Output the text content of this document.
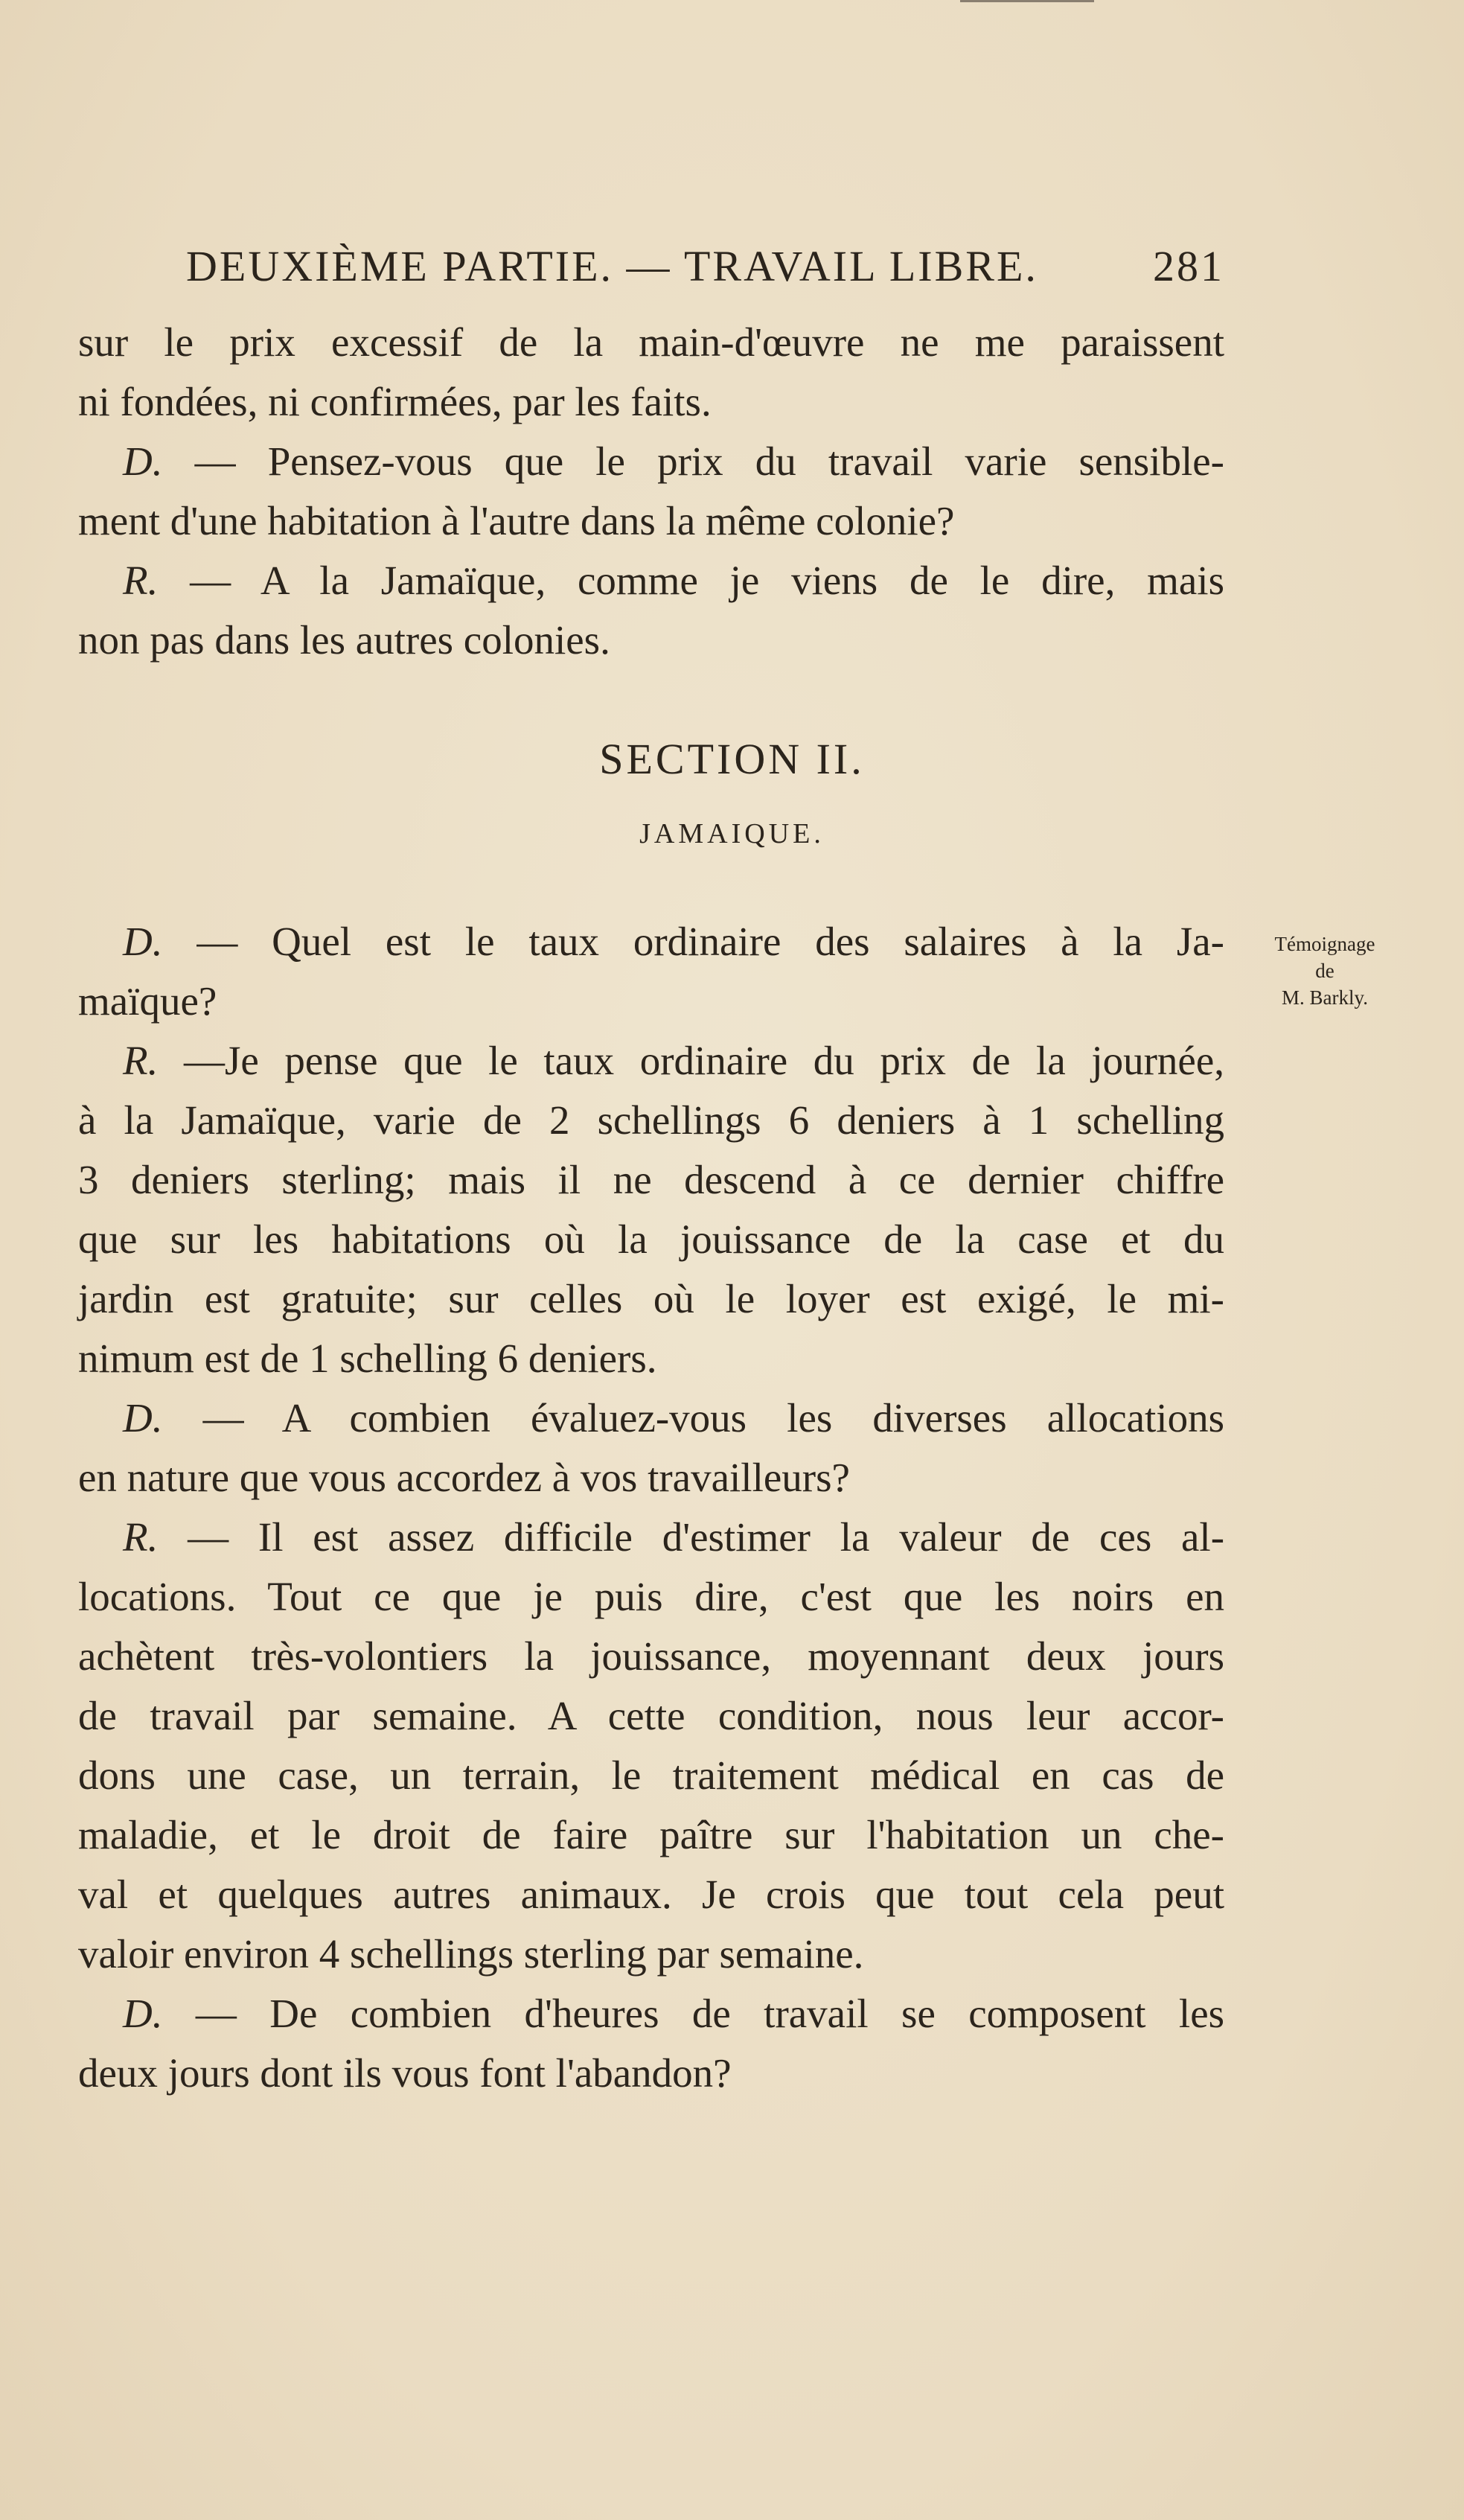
DEUXIÈME PARTIE. — TRAVAIL LIBRE.	281
sur le prix excessif de la main-d'œuvre ne me paraissent
ni fondées, ni confirmées, par les faits.
D. — Pensez-vous que le prix du travail varie sensible-
ment d'une habitation à l'autre dans la même colonie?
R. — A la Jamaïque, comme je viens de le dire, mais
non pas dans les autres colonies.
SECTION II.
JAMAIQUE.
Témoignage
de
M. Barkly.
D. — Quel est le taux ordinaire des salaires à la Ja-
maïque?
R. —Je pense que le taux ordinaire du prix de la journée,
à la Jamaïque, varie de 2 schellings 6 deniers à 1 schelling
3 deniers sterling; mais il ne descend à ce dernier chiffre
que sur les habitations où la jouissance de la case et du
jardin est gratuite; sur celles où le loyer est exigé, le mi-
nimum est de 1 schelling 6 deniers.
D. — A combien évaluez-vous les diverses allocations
en nature que vous accordez à vos travailleurs?
R. — Il est assez difficile d'estimer la valeur de ces al-
locations. Tout ce que je puis dire, c'est que les noirs en
achètent très-volontiers la jouissance, moyennant deux jours
de travail par semaine. A cette condition, nous leur accor-
dons une case, un terrain, le traitement médical en cas de
maladie, et le droit de faire paître sur l'habitation un che-
val et quelques autres animaux. Je crois que tout cela peut
valoir environ 4 schellings sterling par semaine.
D. — De combien d'heures de travail se composent les
deux jours dont ils vous font l'abandon?
